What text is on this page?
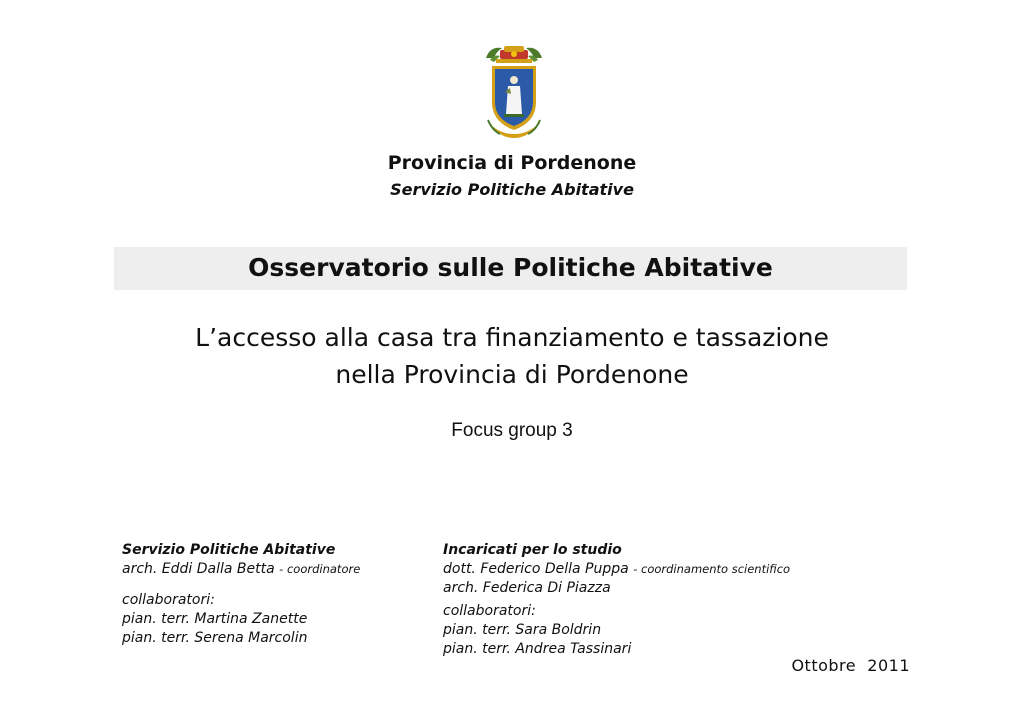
Provincia di Pordenone
Servizio Politiche Abitative
Osservatorio sulle Politiche Abitative
L’accesso alla casa tra finanziamento e tassazione
nella Provincia di Pordenone
Focus group 3
Servizio Politiche Abitative
arch. Eddi Dalla Betta - coordinatore
collaboratori:
pian. terr. Martina Zanette
pian. terr. Serena Marcolin
Incaricati per lo studio
dott. Federico Della Puppa - coordinamento scientifico
arch. Federica Di Piazza
collaboratori:
pian. terr. Sara Boldrin
pian. terr. Andrea Tassinari
Ottobre  2011
